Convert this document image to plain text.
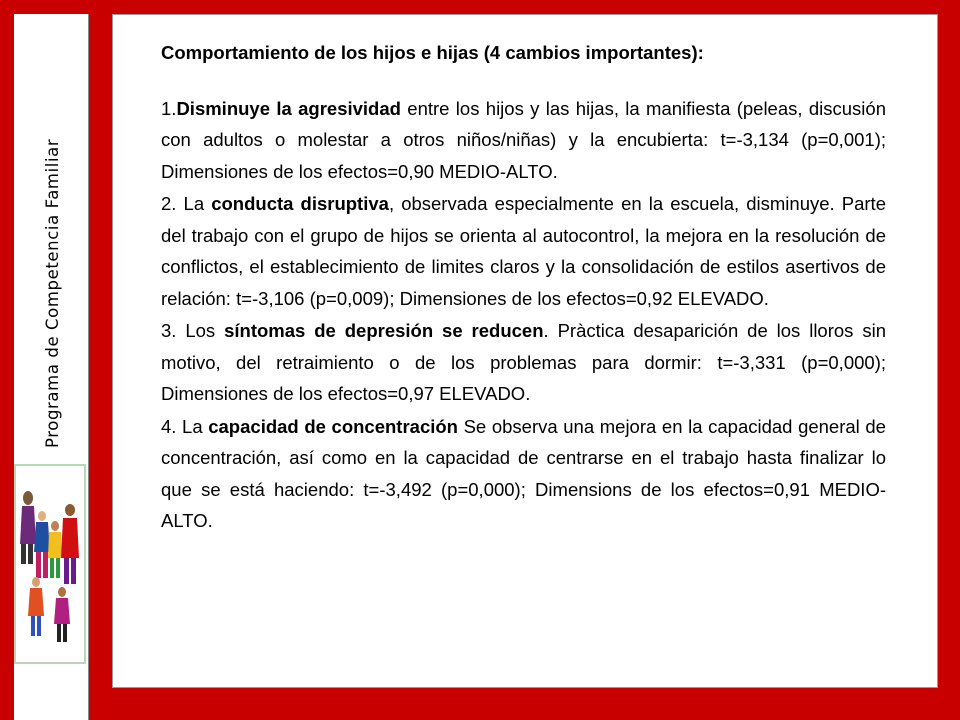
Programa de Competencia Familiar

Comportamiento de los hijos e hijas (4 cambios importantes):

1.Disminuye la agresividad entre los hijos y las hijas, la manifiesta (peleas, discusión con adultos o molestar a otros niños/niñas) y la encubierta: t=-3,134 (p=0,001); Dimensiones de los efectos=0,90 MEDIO-ALTO.

2. La conducta disruptiva, observada especialmente en la escuela, disminuye. Parte del trabajo con el grupo de hijos se orienta al autocontrol, la mejora en la resolución de conflictos, el establecimiento de limites claros y la consolidación de estilos asertivos de relación: t=-3,106 (p=0,009); Dimensiones de los efectos=0,92 ELEVADO.

3. Los síntomas de depresión se reducen. Pràctica desaparición de los lloros sin motivo, del retraimiento o de los problemas para dormir: t=-3,331 (p=0,000); Dimensiones de los efectos=0,97 ELEVADO.

4. La capacidad de concentración Se observa una mejora en la capacidad general de concentración, así como en la capacidad de centrarse en el trabajo hasta finalizar lo que se está haciendo: t=-3,492 (p=0,000); Dimensions de los efectos=0,91 MEDIO-ALTO.
